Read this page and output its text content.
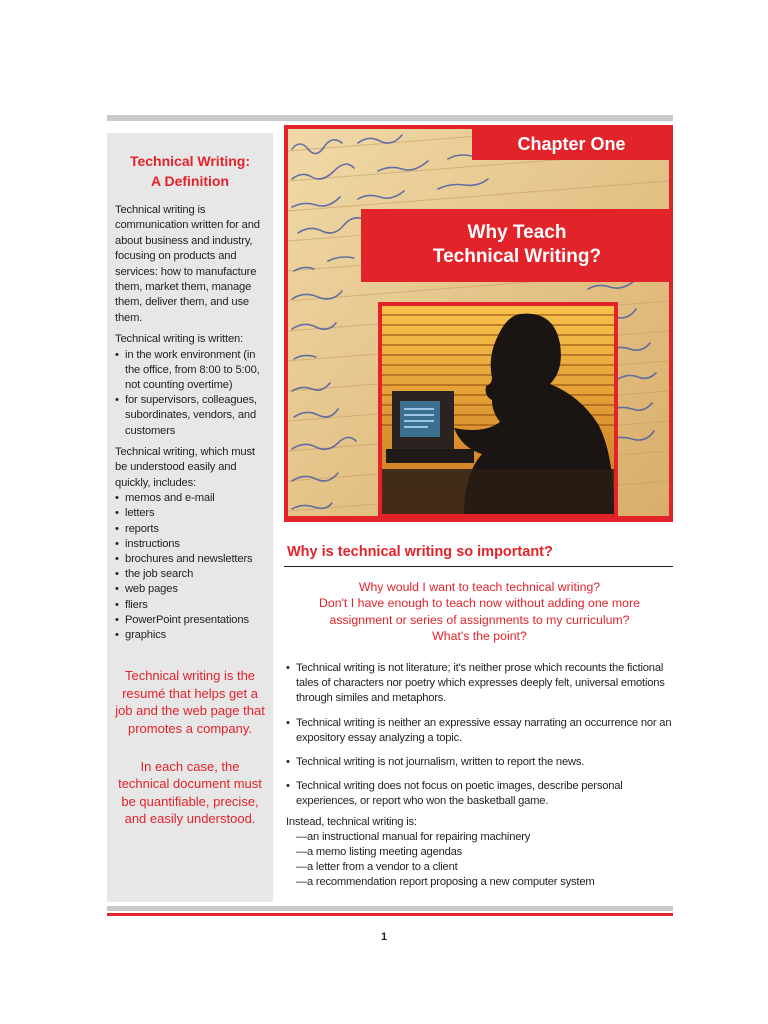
Technical Writing:
A Definition

Technical writing is communication written for and about business and industry, focusing on products and services: how to manufacture them, market them, manage them, deliver them, and use them.

Technical writing is written:

• in the work environment (in the office, from 8:00 to 5:00, not counting overtime)
• for supervisors, colleagues, subordinates, vendors, and customers

Technical writing, which must be understood easily and quickly, includes:

• memos and e-mail
• letters
• reports
• instructions
• brochures and newsletters
• the job search
• web pages
• fliers
• PowerPoint presentations
• graphics

Technical writing is the resumé that helps get a job and the web page that promotes a company.

In each case, the technical document must be quantifiable, precise, and easily understood.

Chapter One
Why Teach
Technical Writing?
Why is technical writing so important?
Why would I want to teach technical writing?
Don't I have enough to teach now without adding one more
assignment or series of assignments to my curriculum?
What's the point?
• Technical writing is not literature; it's neither prose which recounts the fictional tales of characters nor poetry which expresses deeply felt, universal emotions through similes and metaphors.
• Technical writing is neither an expressive essay narrating an occurrence nor an expository essay analyzing a topic.
• Technical writing is not journalism, written to report the news.
• Technical writing does not focus on poetic images, describe personal experiences, or report who won the basketball game.

Instead, technical writing is:

—an instructional manual for repairing machinery

—a memo listing meeting agendas

—a letter from a vendor to a client

—a recommendation report proposing a new computer system

1
